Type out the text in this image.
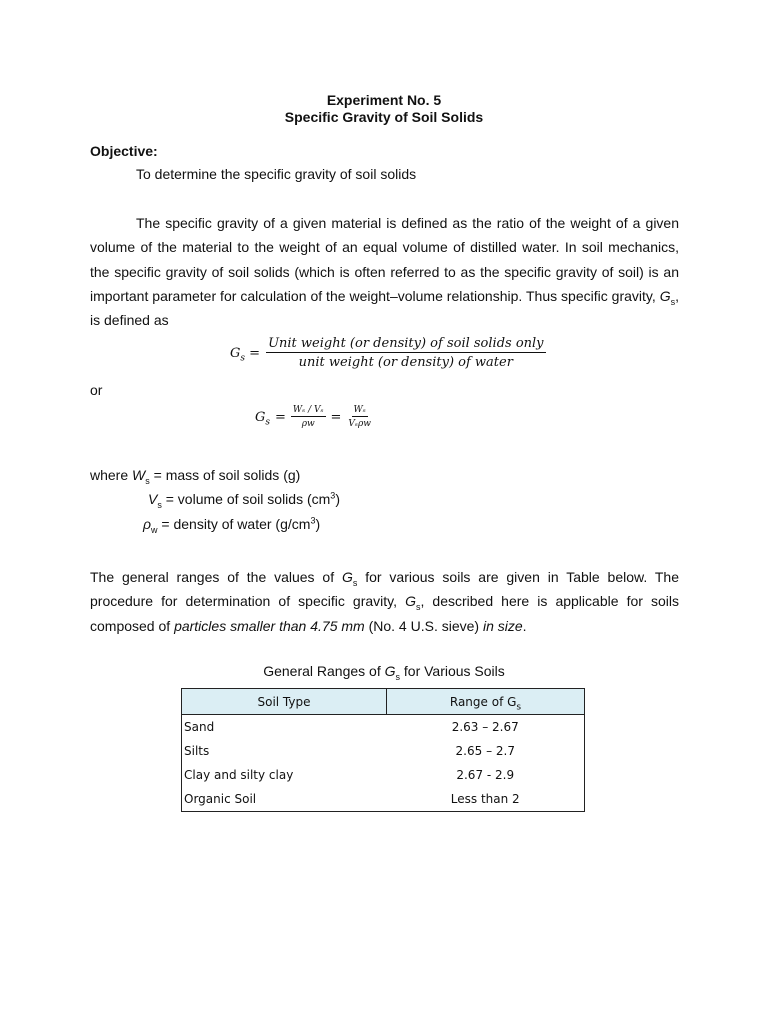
Experiment No. 5
Specific Gravity of Soil Solids
Objective:
To determine the specific gravity of soil solids

The specific gravity of a given material is defined as the ratio of the weight of a given volume of the material to the weight of an equal volume of distilled water. In soil mechanics, the specific gravity of soil solids (which is often referred to as the specific gravity of soil) is an important parameter for calculation of the weight–volume relationship. Thus specific gravity, $G_s$, is defined as

$G_s = \frac{\text{Unit weight (or density) of soil solids only}}{\text{unit weight (or density) of water}}$
or
$G_s = \frac{\text{Wₛ / Vₛ}}{\rho w} = \frac{\text{Wₛ}}{\text{Vₛρw}}$
where $W_s$ = mass of soil solids (g)
$V_s$ = volume of soil solids $(cm^3)$
$\rho_w$ = density of water $(g/cm^3)$

The general ranges of the values of $G_s$ for various soils are given in Table below. The procedure for determination of specific gravity, $G_s$, described here is applicable for soils composed of particles smaller than 4.75 mm (No. 4 U.S. sieve) in size.

General Ranges of $G_s$ for Various Soils
Soil Type	Range of $G_s$
Sand	2.63 – 2.67
Silts	2.65 – 2.7
Clay and silty clay	2.67 - 2.9
Organic Soil	Less than 2
